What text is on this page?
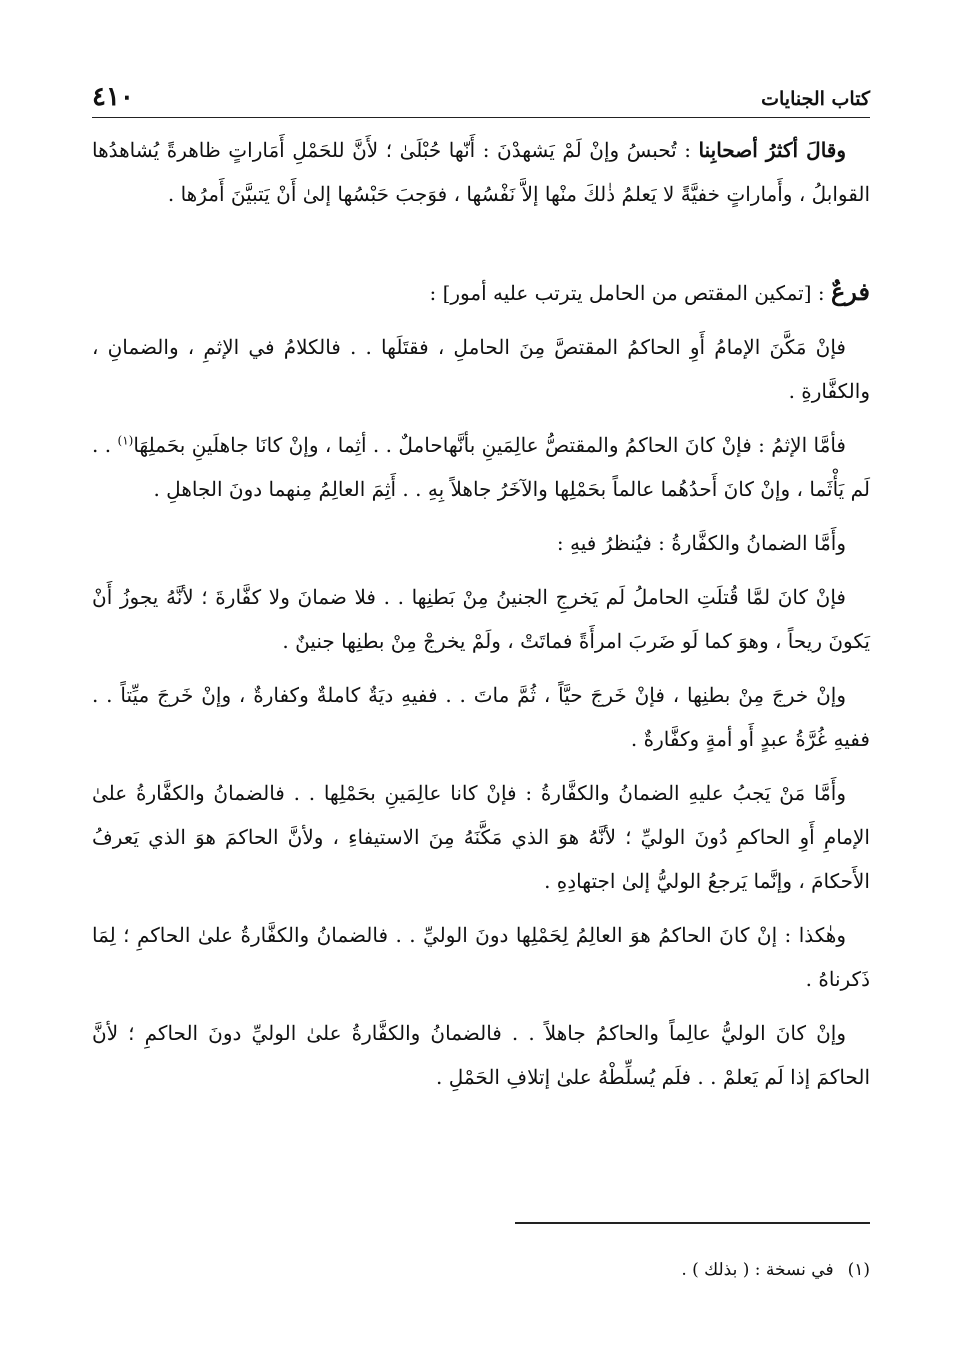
كتاب الجنايات
٤١٠

وقالَ أكثرُ أصحابِنا : تُحبسُ وإنْ لَمْ يَشهدْنَ : أَنّها حُبْلَىٰ ؛ لأَنَّ للحَمْلِ أَمَاراتٍ ظاهرةً يُشاهدُها القوابلُ ، وأَماراتٍ خفيَّةً لا يَعلمُ ذٰلكَ منْها إلاَّ نَفْسُها ، فوَجبَ حَبْسُها إلىٰ أَنْ يَتبيَّنَ أَمرُها .

فرعٌ : [تمكين المقتص من الحامل يترتب عليه أمور] :

فإنْ مَكَّنَ الإمامُ أَوِ الحاكمُ المقتصَّ مِنَ الحاملِ ، فقتَلَها . . فالكلامُ في الإثمِ ، والضمانِ ، والكفَّارةِ .

فأمَّا الإثمُ : فإنْ كانَ الحاكمُ والمقتصُّ عالِمَينِ بأنَّهاحاملٌ . . أثِما ، وإنْ كانَا جاهلَينِ بحَملِهَا$^{(١)}$ . . لَم يَأْثَما ، وإنْ كانَ أَحدُهُما عالماً بحَمْلِها والآخَرُ جاهلاً بِهِ . . أَثِمَ العالِمُ مِنهما دونَ الجاهلِ .

وأَمَّا الضمانُ والكفَّارةُ : فيُنظرُ فيهِ :

فإنْ كانَ لمَّا قُتلَتِ الحاملُ لَم يَخرجِ الجنينُ مِنْ بَطنِها . . فلا ضمانَ ولا كفَّارةَ ؛ لأنَّهُ يجوزُ أَنْ يَكونَ ريحاً ، وهوَ كما لَو ضَربَ امرأَةً فماتَتْ ، ولَمْ يخرجْ مِنْ بطنِها جنينٌ .

وإنْ خرجَ مِنْ بطنِها ، فإنْ خَرجَ حيَّاً ، ثُمَّ ماتَ . . ففيهِ ديَةٌ كاملةٌ وكفارةٌ ، وإنْ خَرجَ ميِّتاً . . ففيهِ غُرَّةُ عبدٍ أَو أمةٍ وكفَّارةٌ .

وأَمَّا مَنْ يَجبُ عليهِ الضمانُ والكفَّارةُ : فإنْ كانا عالِمَينِ بحَمْلِها . . فالضمانُ والكفَّارةُ علىٰ الإمامِ أَوِ الحاكمِ دُونَ الوليِّ ؛ لأنَّهُ هوَ الذي مَكَّنَهُ مِنَ الاستيفاءِ ، ولأنَّ الحاكمَ هوَ الذي يَعرفُ الأَحكامَ ، وإنَّما يَرجعُ الوليُّ إلىٰ اجتهادِهِ .

وهٰكذا : إنْ كانَ الحاكمُ هوَ العالِمُ لِحَمْلِها دونَ الوليِّ . . فالضمانُ والكفَّارةُ علىٰ الحاكمِ ؛ لِمَا ذَكرناهُ .

وإنْ كانَ الوليُّ عالِماً والحاكمُ جاهلاً . . فالضمانُ والكفَّارةُ علىٰ الوليِّ دونَ الحاكمِ ؛ لأنَّ الحاكمَ إذا لَم يَعلمْ . . فلَم يُسلِّطْهُ علىٰ إتلافِ الحَمْلِ .

(١)في نسخة : ( بذلك ) .
